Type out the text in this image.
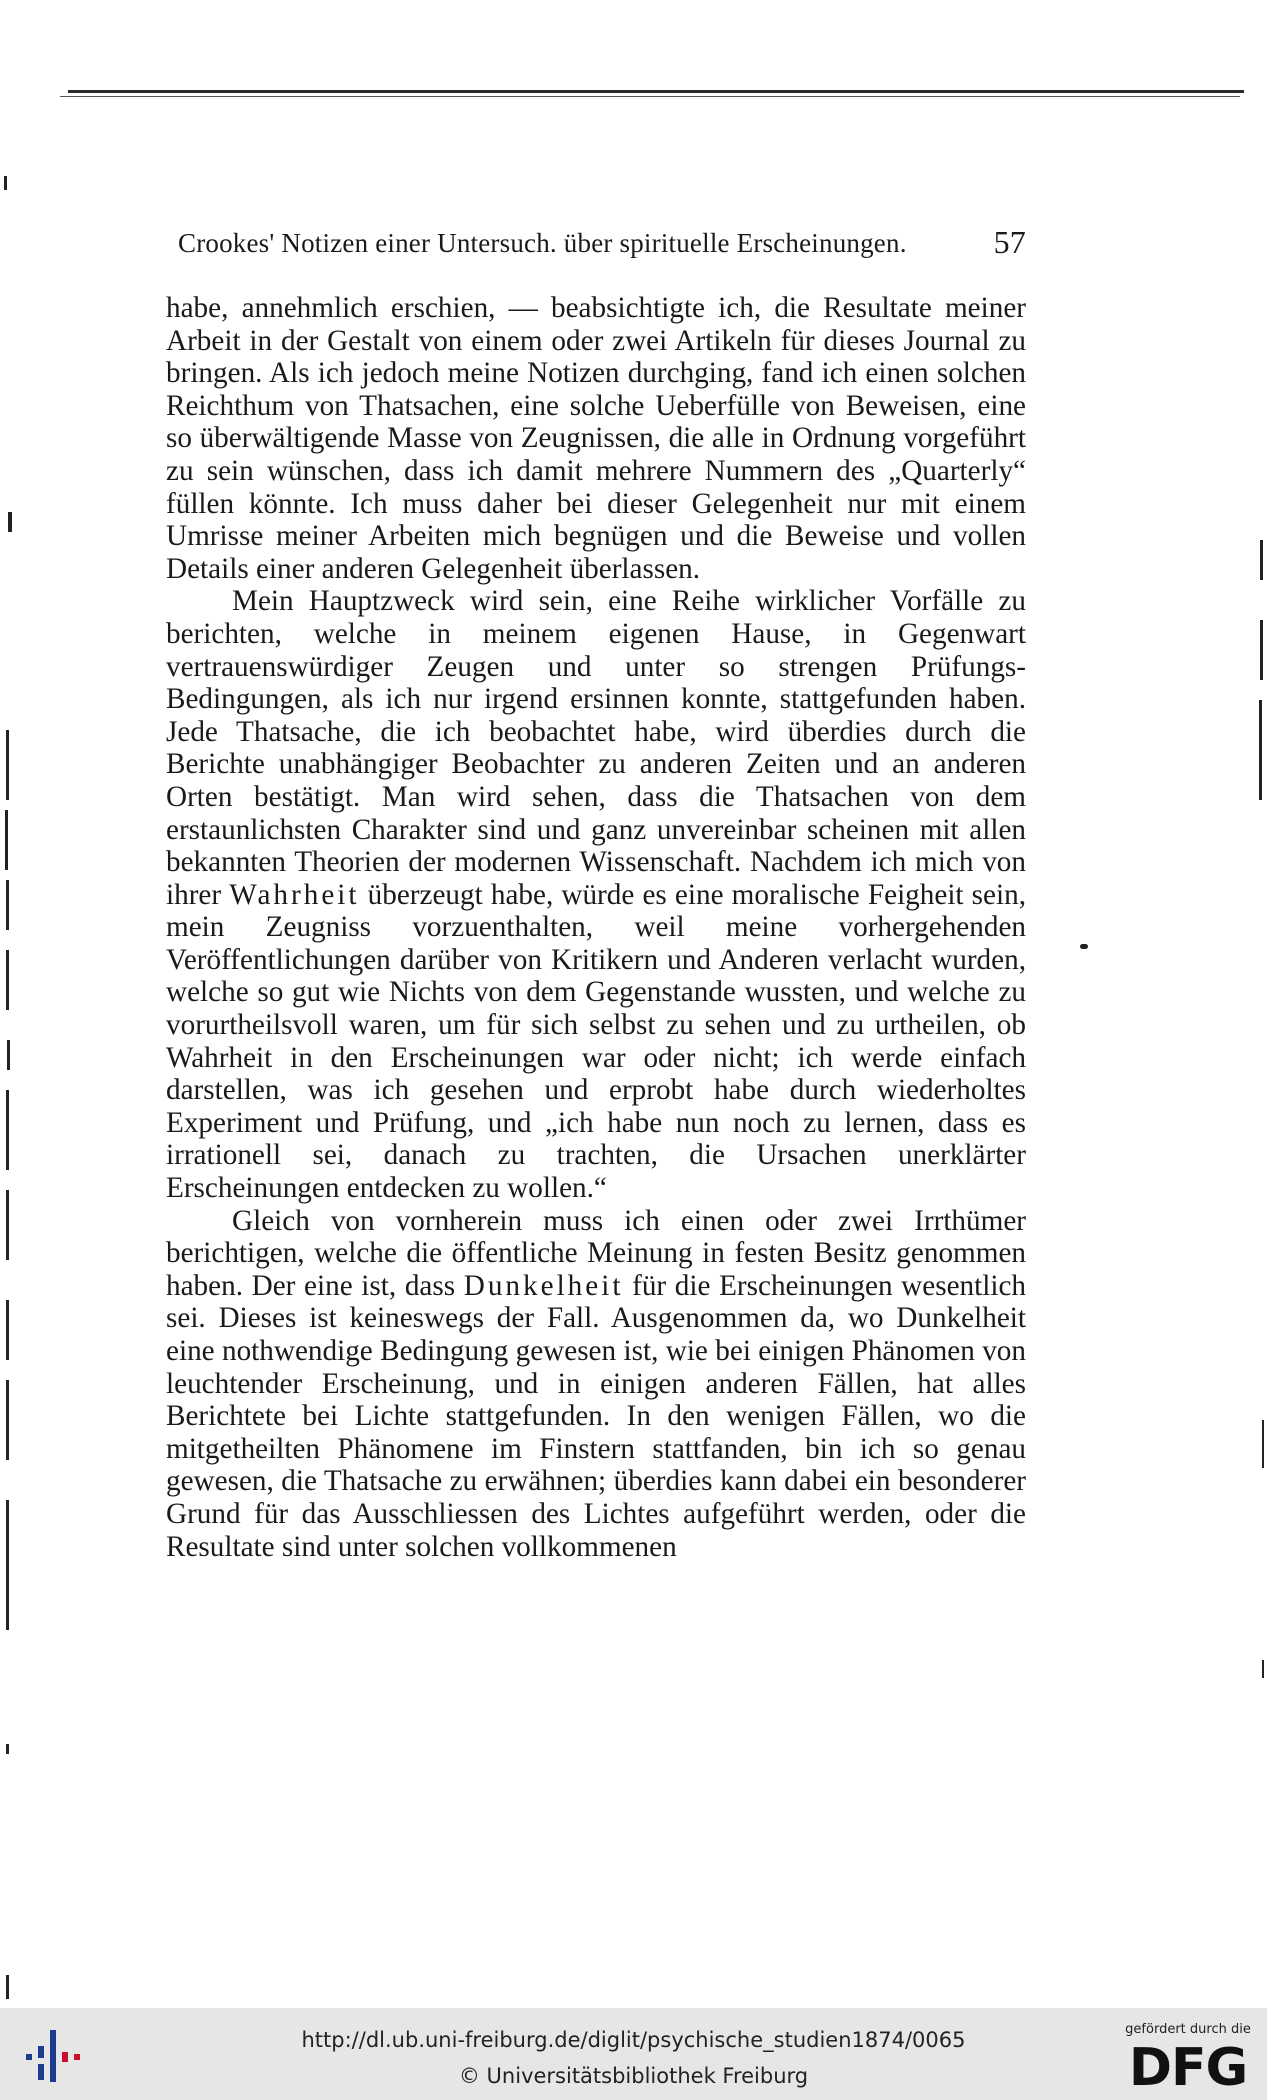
Crookes' Notizen einer Untersuch. über spirituelle Erscheinungen.	57

habe, annehmlich erschien, — beabsichtigte ich, die Resultate meiner Arbeit in der Gestalt von einem oder zwei Artikeln für dieses Journal zu bringen. Als ich jedoch meine Notizen durchging, fand ich einen solchen Reichthum von Thatsachen, eine solche Ueberfülle von Beweisen, eine so überwältigende Masse von Zeugnissen, die alle in Ordnung vorgeführt zu sein wünschen, dass ich damit mehrere Nummern des „Quarterly“ füllen könnte. Ich muss daher bei dieser Gelegenheit nur mit einem Umrisse meiner Arbeiten mich begnügen und die Beweise und vollen Details einer anderen Gelegenheit überlassen.

Mein Hauptzweck wird sein, eine Reihe wirklicher Vorfälle zu berichten, welche in meinem eigenen Hause, in Gegenwart vertrauenswürdiger Zeugen und unter so strengen Prüfungs-Bedingungen, als ich nur irgend ersinnen konnte, stattgefunden haben. Jede Thatsache, die ich beobachtet habe, wird überdies durch die Berichte unabhängiger Beobachter zu anderen Zeiten und an anderen Orten bestätigt. Man wird sehen, dass die Thatsachen von dem erstaunlichsten Charakter sind und ganz unvereinbar scheinen mit allen bekannten Theorien der modernen Wissenschaft. Nachdem ich mich von ihrer Wahrheit überzeugt habe, würde es eine moralische Feigheit sein, mein Zeugniss vorzuenthalten, weil meine vorhergehenden Veröffentlichungen darüber von Kritikern und Anderen verlacht wurden, welche so gut wie Nichts von dem Gegenstande wussten, und welche zu vorurtheilsvoll waren, um für sich selbst zu sehen und zu urtheilen, ob Wahrheit in den Erscheinungen war oder nicht; ich werde einfach darstellen, was ich gesehen und erprobt habe durch wiederholtes Experiment und Prüfung, und „ich habe nun noch zu lernen, dass es irrationell sei, danach zu trachten, die Ursachen unerklärter Erscheinungen entdecken zu wollen.“

Gleich von vornherein muss ich einen oder zwei Irrthümer berichtigen, welche die öffentliche Meinung in festen Besitz genommen haben. Der eine ist, dass Dunkelheit für die Erscheinungen wesentlich sei. Dieses ist keineswegs der Fall. Ausgenommen da, wo Dunkelheit eine nothwendige Bedingung gewesen ist, wie bei einigen Phänomen von leuchtender Erscheinung, und in einigen anderen Fällen, hat alles Berichtete bei Lichte stattgefunden. In den wenigen Fällen, wo die mitgetheilten Phänomene im Finstern stattfanden, bin ich so genau gewesen, die Thatsache zu erwähnen; überdies kann dabei ein besonderer Grund für das Ausschliessen des Lichtes aufgeführt werden, oder die Resultate sind unter solchen vollkommenen

http://dl.ub.uni-freiburg.de/diglit/psychische_studien1874/0065
© Universitätsbibliothek Freiburg
gefördert durch die
DFG
